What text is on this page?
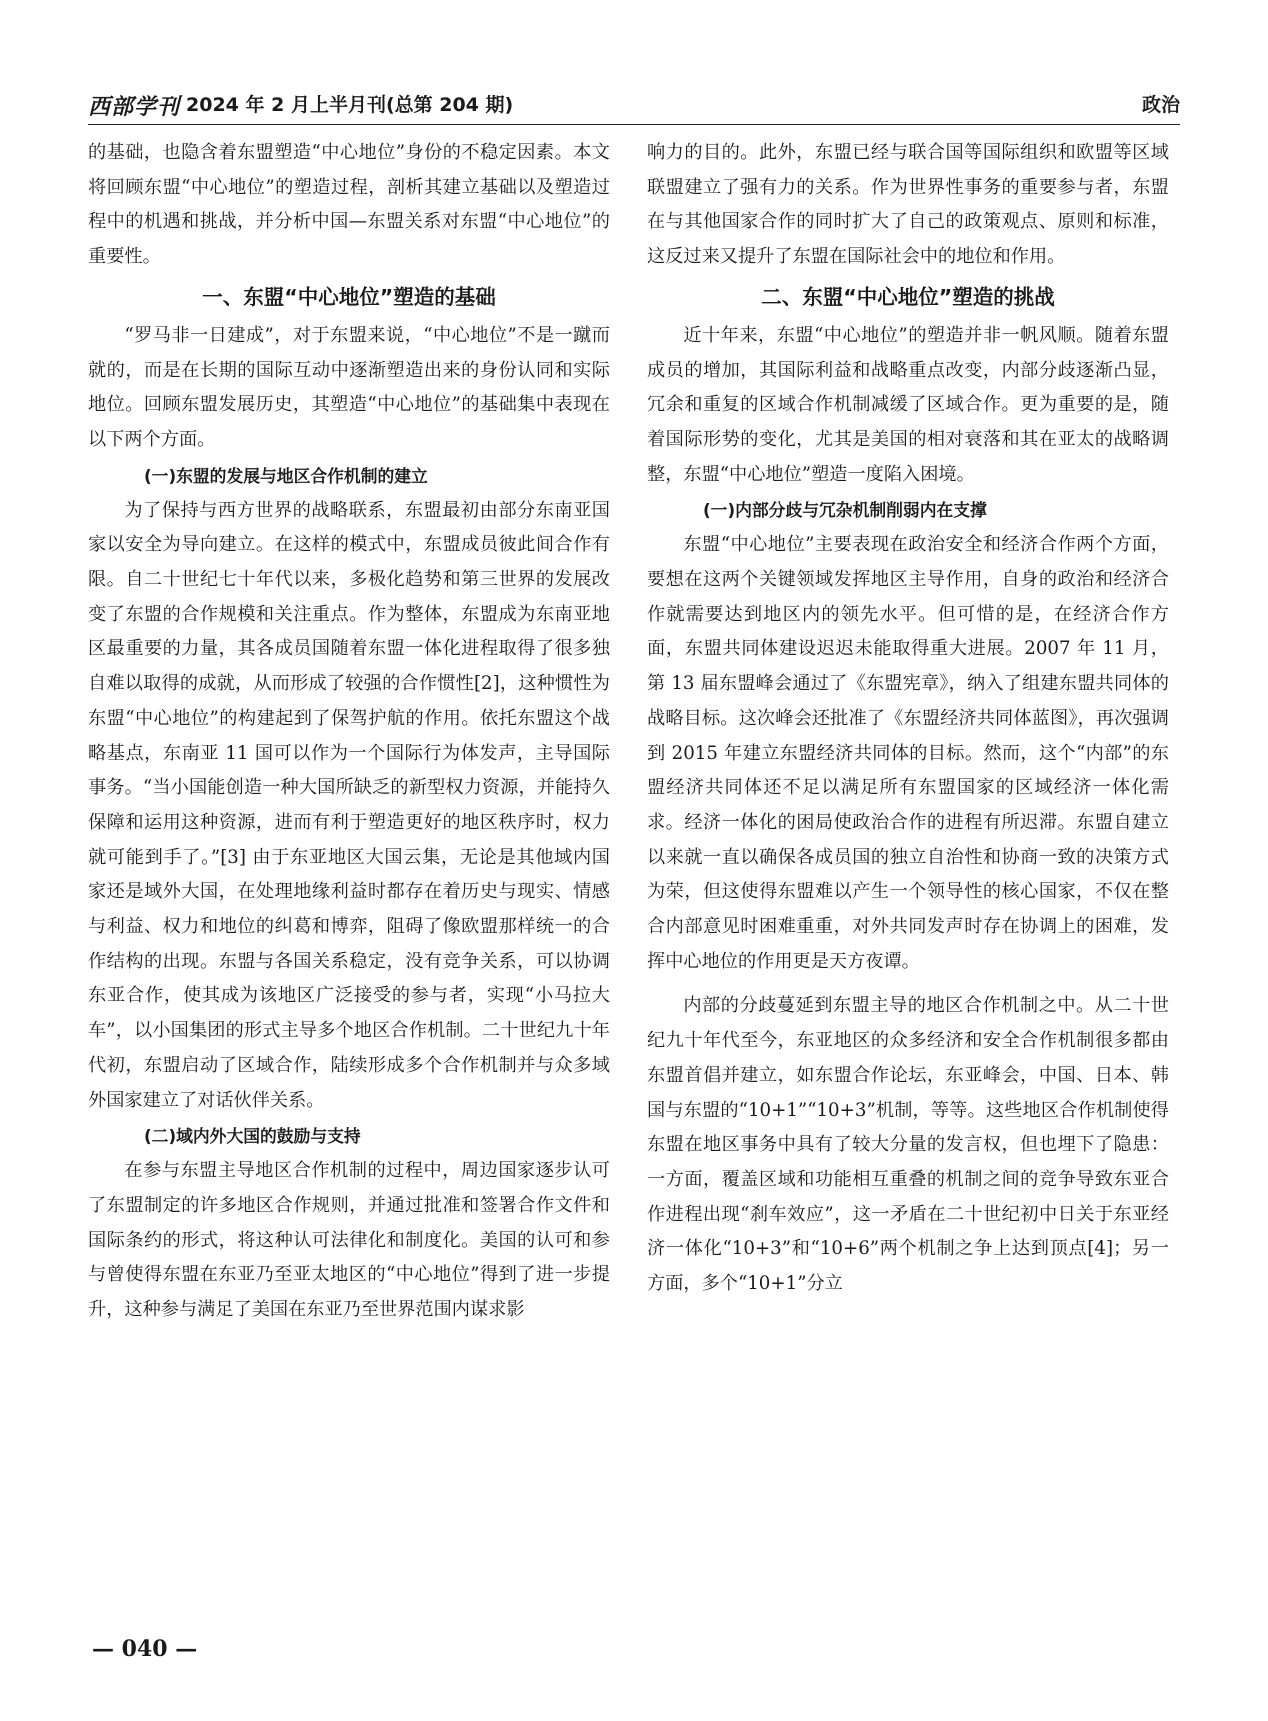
西部学刊 2024 年 2 月上半月刊(总第 204 期)	政治

的基础，也隐含着东盟塑造“中心地位”身份的不稳定因素。本文将回顾东盟“中心地位”的塑造过程，剖析其建立基础以及塑造过程中的机遇和挑战，并分析中国—东盟关系对东盟“中心地位”的重要性。

一、东盟“中心地位”塑造的基础

“罗马非一日建成”，对于东盟来说，“中心地位”不是一蹴而就的，而是在长期的国际互动中逐渐塑造出来的身份认同和实际地位。回顾东盟发展历史，其塑造“中心地位”的基础集中表现在以下两个方面。

(一)东盟的发展与地区合作机制的建立

为了保持与西方世界的战略联系，东盟最初由部分东南亚国家以安全为导向建立。在这样的模式中，东盟成员彼此间合作有限。自二十世纪七十年代以来，多极化趋势和第三世界的发展改变了东盟的合作规模和关注重点。作为整体，东盟成为东南亚地区最重要的力量，其各成员国随着东盟一体化进程取得了很多独自难以取得的成就，从而形成了较强的合作惯性[2]，这种惯性为东盟“中心地位”的构建起到了保驾护航的作用。依托东盟这个战略基点，东南亚 11 国可以作为一个国际行为体发声，主导国际事务。“当小国能创造一种大国所缺乏的新型权力资源，并能持久保障和运用这种资源，进而有利于塑造更好的地区秩序时，权力就可能到手了。”[3] 由于东亚地区大国云集，无论是其他域内国家还是域外大国，在处理地缘利益时都存在着历史与现实、情感与利益、权力和地位的纠葛和博弈，阻碍了像欧盟那样统一的合作结构的出现。东盟与各国关系稳定，没有竞争关系，可以协调东亚合作，使其成为该地区广泛接受的参与者，实现“小马拉大车”，以小国集团的形式主导多个地区合作机制。二十世纪九十年代初，东盟启动了区域合作，陆续形成多个合作机制并与众多域外国家建立了对话伙伴关系。

(二)域内外大国的鼓励与支持

在参与东盟主导地区合作机制的过程中，周边国家逐步认可了东盟制定的许多地区合作规则，并通过批准和签署合作文件和国际条约的形式，将这种认可法律化和制度化。美国的认可和参与曾使得东盟在东亚乃至亚太地区的“中心地位”得到了进一步提升，这种参与满足了美国在东亚乃至世界范围内谋求影

响力的目的。此外，东盟已经与联合国等国际组织和欧盟等区域联盟建立了强有力的关系。作为世界性事务的重要参与者，东盟在与其他国家合作的同时扩大了自己的政策观点、原则和标准，这反过来又提升了东盟在国际社会中的地位和作用。

二、东盟“中心地位”塑造的挑战

近十年来，东盟“中心地位”的塑造并非一帆风顺。随着东盟成员的增加，其国际利益和战略重点改变，内部分歧逐渐凸显，冗余和重复的区域合作机制减缓了区域合作。更为重要的是，随着国际形势的变化，尤其是美国的相对衰落和其在亚太的战略调整，东盟“中心地位”塑造一度陷入困境。

(一)内部分歧与冗杂机制削弱内在支撑

东盟“中心地位”主要表现在政治安全和经济合作两个方面，要想在这两个关键领域发挥地区主导作用，自身的政治和经济合作就需要达到地区内的领先水平。但可惜的是，在经济合作方面，东盟共同体建设迟迟未能取得重大进展。2007 年 11 月，第 13 届东盟峰会通过了《东盟宪章》，纳入了组建东盟共同体的战略目标。这次峰会还批准了《东盟经济共同体蓝图》，再次强调到 2015 年建立东盟经济共同体的目标。然而，这个“内部”的东盟经济共同体还不足以满足所有东盟国家的区域经济一体化需求。经济一体化的困局使政治合作的进程有所迟滞。东盟自建立以来就一直以确保各成员国的独立自治性和协商一致的决策方式为荣，但这使得东盟难以产生一个领导性的核心国家，不仅在整合内部意见时困难重重，对外共同发声时存在协调上的困难，发挥中心地位的作用更是天方夜谭。

内部的分歧蔓延到东盟主导的地区合作机制之中。从二十世纪九十年代至今，东亚地区的众多经济和安全合作机制很多都由东盟首倡并建立，如东盟合作论坛，东亚峰会，中国、日本、韩国与东盟的“10+1”“10+3”机制，等等。这些地区合作机制使得东盟在地区事务中具有了较大分量的发言权，但也埋下了隐患：一方面，覆盖区域和功能相互重叠的机制之间的竞争导致东亚合作进程出现“刹车效应”，这一矛盾在二十世纪初中日关于东亚经济一体化“10+3”和“10+6”两个机制之争上达到顶点[4]；另一方面，多个“10+1”分立

— 040 —
